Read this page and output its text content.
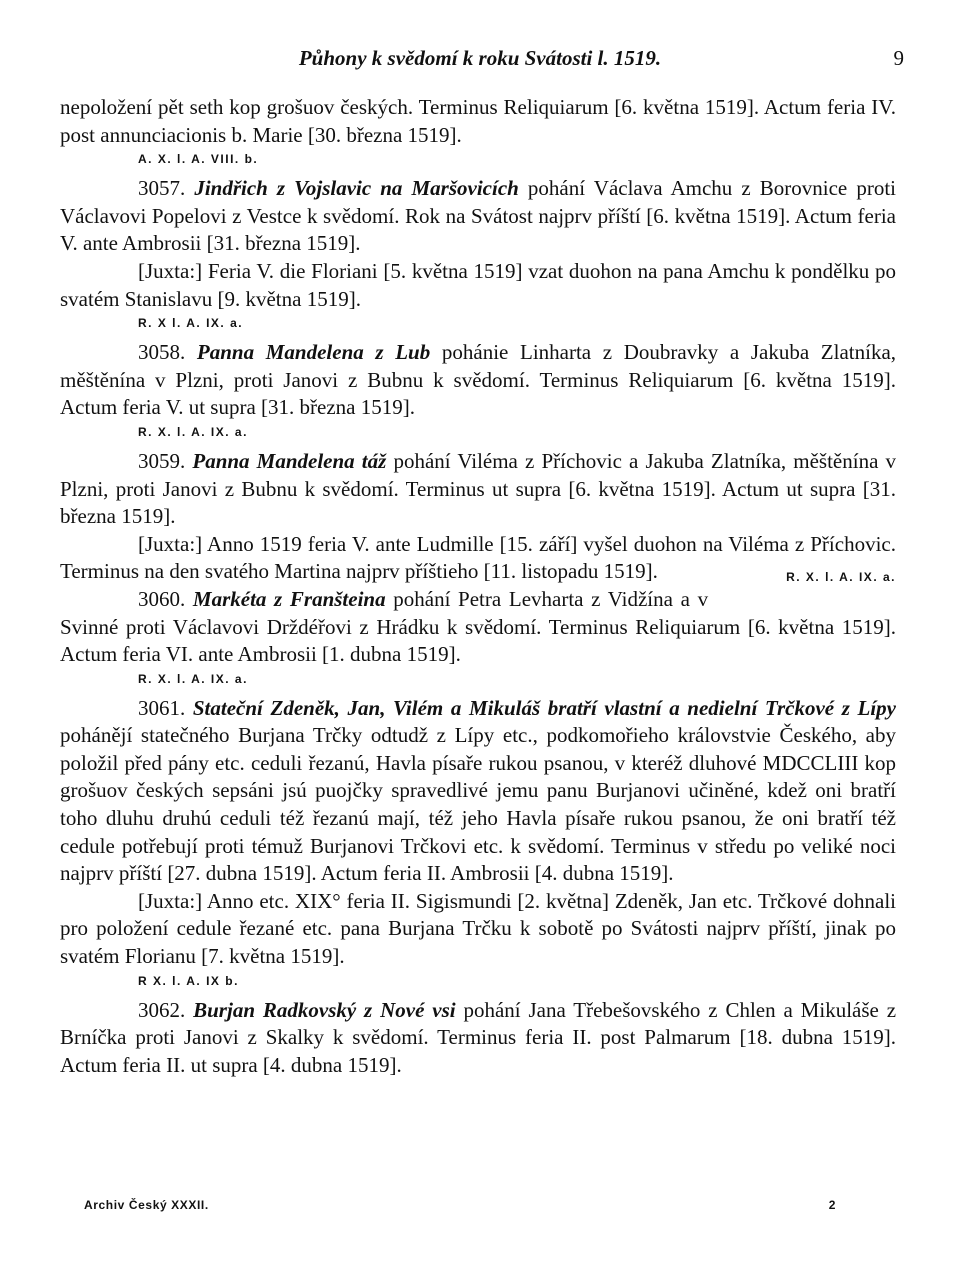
Půhony k svědomí k roku Svátosti l. 1519.	9

nepoložení pět seth kop grošuov českých. Terminus Reliquiarum [6. května 1519]. Actum feria IV. post annunciacionis b. Marie [30. března 1519].

A. X. l. A. VIII. b.

3057. Jindřich z Vojslavic na Maršovicích pohání Václava Amchu z Borovnice proti Václavovi Popelovi z Vestce k svědomí. Rok na Svátost najprv příští [6. května 1519]. Actum feria V. ante Ambrosii [31. března 1519].

[Juxta:] Feria V. die Floriani [5. května 1519] vzat duohon na pana Amchu k pondělku po svatém Stanislavu [9. května 1519].

R. X l. A. IX. a.

3058. Panna Mandelena z Lub pohánie Linharta z Doubravky a Jakuba Zlatníka, měštěnína v Plzni, proti Janovi z Bubnu k svědomí. Terminus Reliquiarum [6. května 1519]. Actum feria V. ut supra [31. března 1519].

R. X. l. A. IX. a.

3059. Panna Mandelena táž pohání Viléma z Příchovic a Jakuba Zlatníka, měštěnína v Plzni, proti Janovi z Bubnu k svědomí. Terminus ut supra [6. května 1519]. Actum ut supra [31. března 1519].

[Juxta:] Anno 1519 feria V. ante Ludmille [15. září] vyšel duohon na Viléma z Příchovic. Terminus na den svatého Martina najprv příštieho [11. listopadu 1519].	R. X. l. A. IX. a.

3060. Markéta z Franšteina pohání Petra Levharta z Vidžína a v Svinné proti Václavovi Drždéřovi z Hrádku k svědomí. Terminus Reliquiarum [6. května 1519]. Actum feria VI. ante Ambrosii [1. dubna 1519].

R. X. l. A. IX. a.

3061. Stateční Zdeněk, Jan, Vilém a Mikuláš bratří vlastní a nedielní Trčkové z Lípy pohánějí statečného Burjana Trčky odtudž z Lípy etc., podkomořieho královstvie Českého, aby položil před pány etc. ceduli řezanú, Havla písaře rukou psanou, v kteréž dluhové MDCCLIII kop grošuov českých sepsáni jsú puojčky spravedlivé jemu panu Burjanovi učiněné, kdež oni bratří toho dluhu druhú ceduli též řezanú mají, též jeho Havla písaře rukou psanou, že oni bratří též cedule potřebují proti témuž Burjanovi Trčkovi etc. k svědomí. Terminus v středu po veliké noci najprv příští [27. dubna 1519]. Actum feria II. Ambrosii [4. dubna 1519].

[Juxta:] Anno etc. XIX° feria II. Sigismundi [2. května] Zdeněk, Jan etc. Trčkové dohnali pro položení cedule řezané etc. pana Burjana Trčku k sobotě po Svátosti najprv příští, jinak po svatém Florianu [7. května 1519].

R X. l. A. IX b.

3062. Burjan Radkovský z Nové vsi pohání Jana Třebešovského z Chlen a Mikuláše z Brníčka proti Janovi z Skalky k svědomí. Terminus feria II. post Palmarum [18. dubna 1519]. Actum feria II. ut supra [4. dubna 1519].

Archiv Český XXXII.	2
